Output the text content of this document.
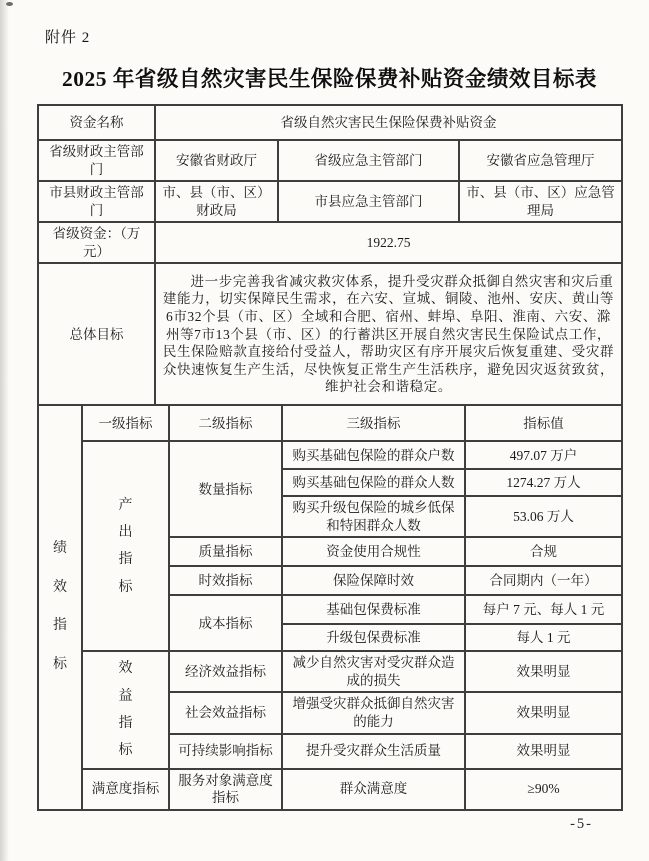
附件 2
2025 年省级自然灾害民生保险保费补贴资金绩效目标表
资金名称	省级自然灾害民生保险保费补贴资金		
省级财政主管部门	安徽省财政厅	省级应急主管部门	安徽省应急管理厅
市县财政主管部门	市、县（市、区）财政局	市县应急主管部门	市、县（市、区）应急管理局
省级资金：（万元）	1922.75		
总体目标	进一步完善我省减灾救灾体系，提升受灾群众抵御自然灾害和灾后重建能力，切实保障民生需求，在六安、宣城、铜陵、池州、安庆、黄山等6市32个县（市、区）全域和合肥、宿州、蚌埠、阜阳、淮南、六安、滁州等7市13个县（市、区）的行蓄洪区开展自然灾害民生保险试点工作，民生保险赔款直接给付受益人，帮助灾区有序开展灾后恢复重建、受灾群众快速恢复生产生活，尽快恢复正常生产生活秩序，避免因灾返贫致贫，维护社会和谐稳定。		
绩效指标	一级指标	二级指标	三级指标	指标值

	产出指标	数量指标	购买基础包保险的群众户数	497.07 万户
			购买基础包保险的群众人数	1274.27 万人
			购买升级包保险的城乡低保和特困群众人数	53.06 万人
		质量指标	资金使用合规性	合规
		时效指标	保险保障时效	合同期内（一年）
		成本指标	基础包保费标准	每户 7 元、每人 1 元
			升级包保费标准	每人 1 元

	效益指标	经济效益指标	减少自然灾害对受灾群众造成的损失	效果明显
		社会效益指标	增强受灾群众抵御自然灾害的能力	效果明显
		可持续影响指标	提升受灾群众生活质量	效果明显
	满意度指标	服务对象满意度指标	群众满意度	≥90%
-5-
